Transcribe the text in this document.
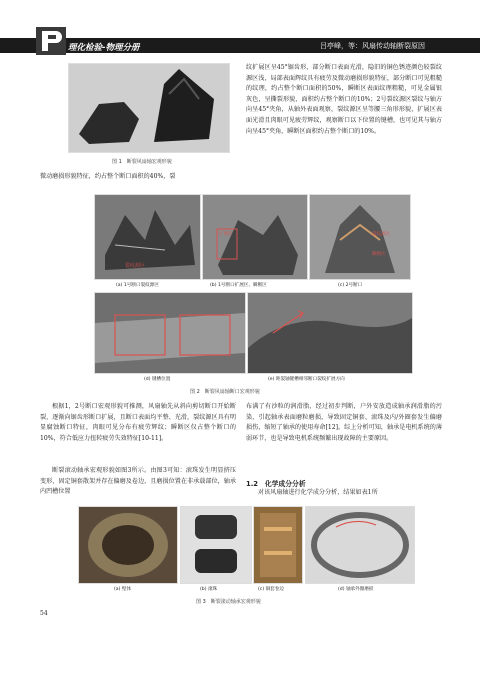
理化检验-物理分册	吕亭峰，等：风扇传动轴断裂原因
图 1　断裂风扇轴宏观形貌
微动磨损形貌特征，约占整个断口面积的40%，裂
纹扩展区呈45°锯齿形，部分断口表面光滑，隐旧的铜色锈迹颜色较裂纹源区浅，局部表面辉纹具有疲劳及微动磨损形貌特征，部分断口可见粗糙的纹理，约占整个断口面积的50%，瞬断区表面纹理粗糙，可见金属银灰色，呈撕裂形貌，面积约占整个断口的10%；2号裂纹源区裂纹与轴方向呈45°夹角，从轴外表面观察，裂纹源区呈等腰三角形形貌，扩展区表面光滑且肉眼可见疲劳辉纹，观察断口以下位置的键槽，也可见其与轴方向呈45°夹角，瞬断区面积约占整个断口的10%。
裂纹源区
扩展区	裂纹源区
瞬断区
(a) 1号断口裂纹源区	(b) 1号断口扩展区、瞬断区	(c) 2号断口
(d) 键槽位置	(e) 距裂轴键槽相邻断口裂纹扩展方向
图 2　断裂风扇轴断口宏观形貌
根据1，2号断口宏观形貌可推测，风扇轴先从斜向剪切断口开始断裂，逐渐向锯齿形断口扩展，且断口表面均平整、光滑，裂纹源区具有明显腐蚀断口特征，肉眼可见分布有疲劳辉纹；瞬断区仅占整个断口的10%，符合低应力扭转疲劳失效特征[10-11]。
断裂滚动轴承宏观形貌如图3所示。由图3可知：滚珠发生明显挤压变形，固定铜套散架并存在偏磨及卷边，且磨损位置在非承载部位，轴承内凹槽位置
布满了有沙粒的润滑脂，经过初步判断，户外安放造成轴承润滑脂的污染，引起轴承表面磨粒磨损，导致固定铜套、滚珠及内/外圈套发生偏磨损伤，缩短了轴承的使用寿命[12]。综上分析可知，轴承是电机系统的薄弱环节，也是导致电机系统频繁出现故障的主要原因。
1.2　化学成分分析
对该风扇轴进行化学成分分析，结果如表1所
(a) 壁体	(b) 滚珠	(c) 铜套卷边	(d) 轴承外圈磨损
图 3　断裂滚动轴承宏观形貌
54
